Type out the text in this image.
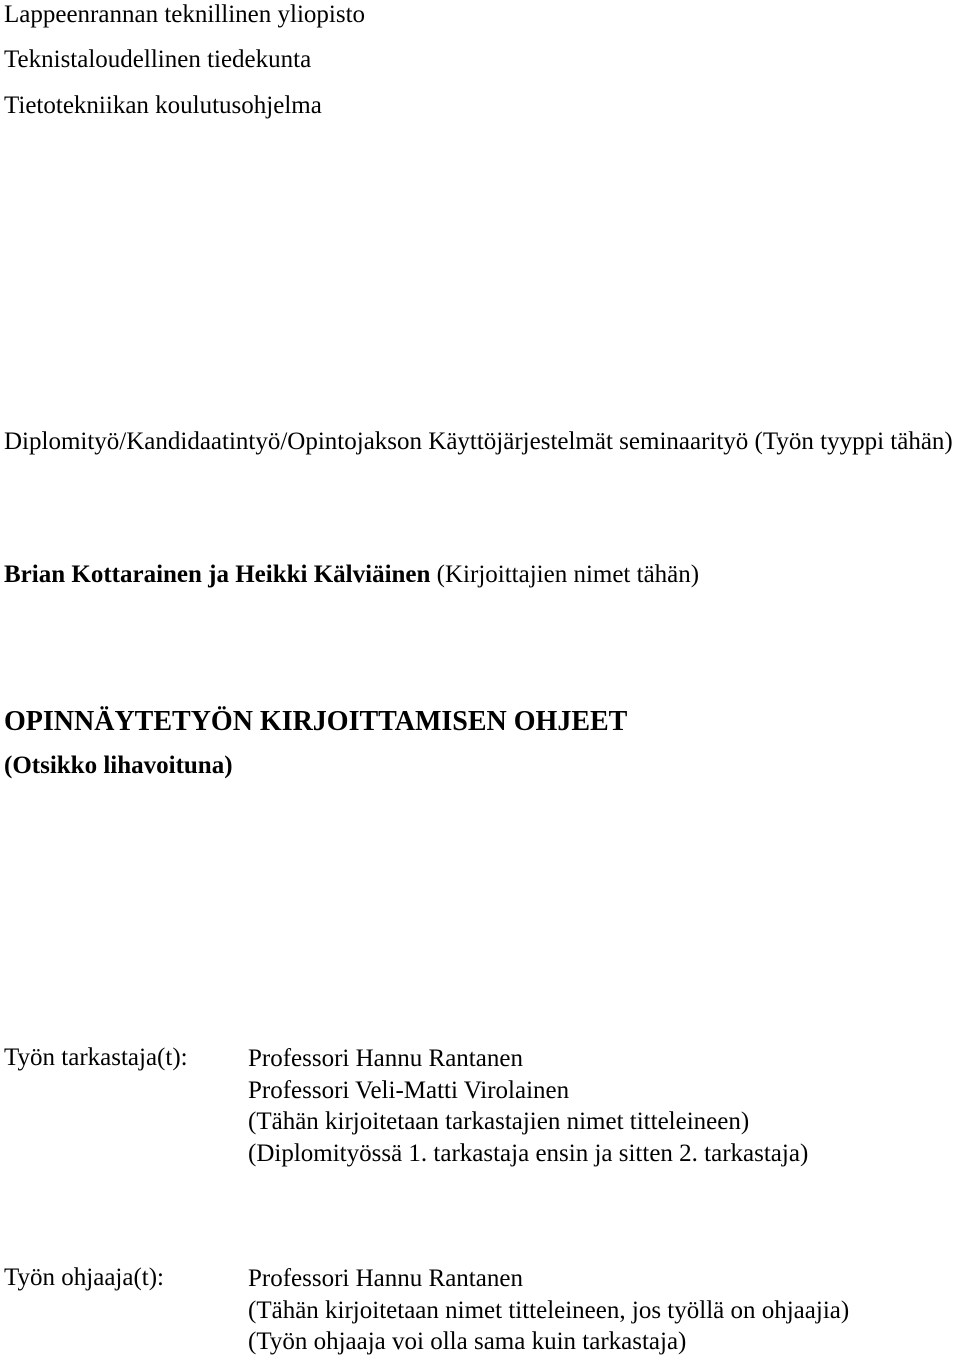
Lappeenrannan teknillinen yliopisto

Teknistaloudellinen tiedekunta

Tietotekniikan koulutusohjelma

Diplomityö/Kandidaatintyö/Opintojakson Käyttöjärjestelmät seminaarityö (Työn tyyppi tähän)

Brian Kottarainen ja Heikki Kälviäinen (Kirjoittajien nimet tähän)

OPINNÄYTETYÖN KIRJOITTAMISEN OHJEET
(Otsikko lihavoituna)

Työn tarkastaja(t): Professori Hannu Rantanen
Professori Veli-Matti Virolainen
(Tähän kirjoitetaan tarkastajien nimet titteleineen)
(Diplomityössä 1. tarkastaja ensin ja sitten 2. tarkastaja)

Työn ohjaaja(t):	Professori Hannu Rantanen
(Tähän kirjoitetaan nimet titteleineen, jos työllä on ohjaajia)
(Työn ohjaaja voi olla sama kuin tarkastaja)
